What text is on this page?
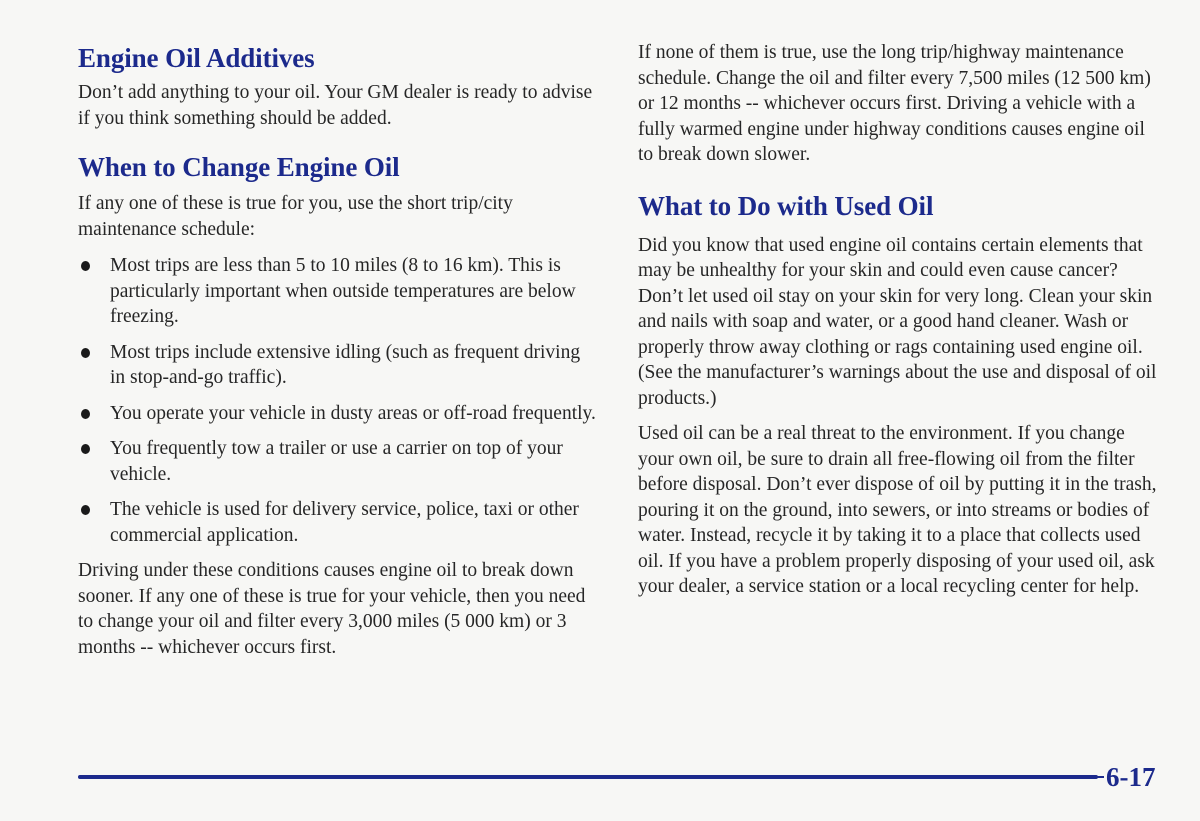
Engine Oil Additives

Don’t add anything to your oil. Your GM dealer is ready to advise if you think something should be added.

When to Change Engine Oil

If any one of these is true for you, use the short trip/city maintenance schedule:

Most trips are less than 5 to 10 miles (8 to 16 km). This is particularly important when outside temperatures are below freezing.
Most trips include extensive idling (such as frequent driving in stop-and-go traffic).
You operate your vehicle in dusty areas or off-road frequently.
You frequently tow a trailer or use a carrier on top of your vehicle.
The vehicle is used for delivery service, police, taxi or other commercial application.

Driving under these conditions causes engine oil to break down sooner. If any one of these is true for your vehicle, then you need to change your oil and filter every 3,000 miles (5 000 km) or 3 months -- whichever occurs first.

If none of them is true, use the long trip/highway maintenance schedule. Change the oil and filter every 7,500 miles (12 500 km) or 12 months -- whichever occurs first. Driving a vehicle with a fully warmed engine under highway conditions causes engine oil to break down slower.

What to Do with Used Oil

Did you know that used engine oil contains certain elements that may be unhealthy for your skin and could even cause cancer? Don’t let used oil stay on your skin for very long. Clean your skin and nails with soap and water, or a good hand cleaner. Wash or properly throw away clothing or rags containing used engine oil. (See the manufacturer’s warnings about the use and disposal of oil products.)

Used oil can be a real threat to the environment. If you change your own oil, be sure to drain all free-flowing oil from the filter before disposal. Don’t ever dispose of oil by putting it in the trash, pouring it on the ground, into sewers, or into streams or bodies of water. Instead, recycle it by taking it to a place that collects used oil. If you have a problem properly disposing of your used oil, ask your dealer, a service station or a local recycling center for help.

6-17
